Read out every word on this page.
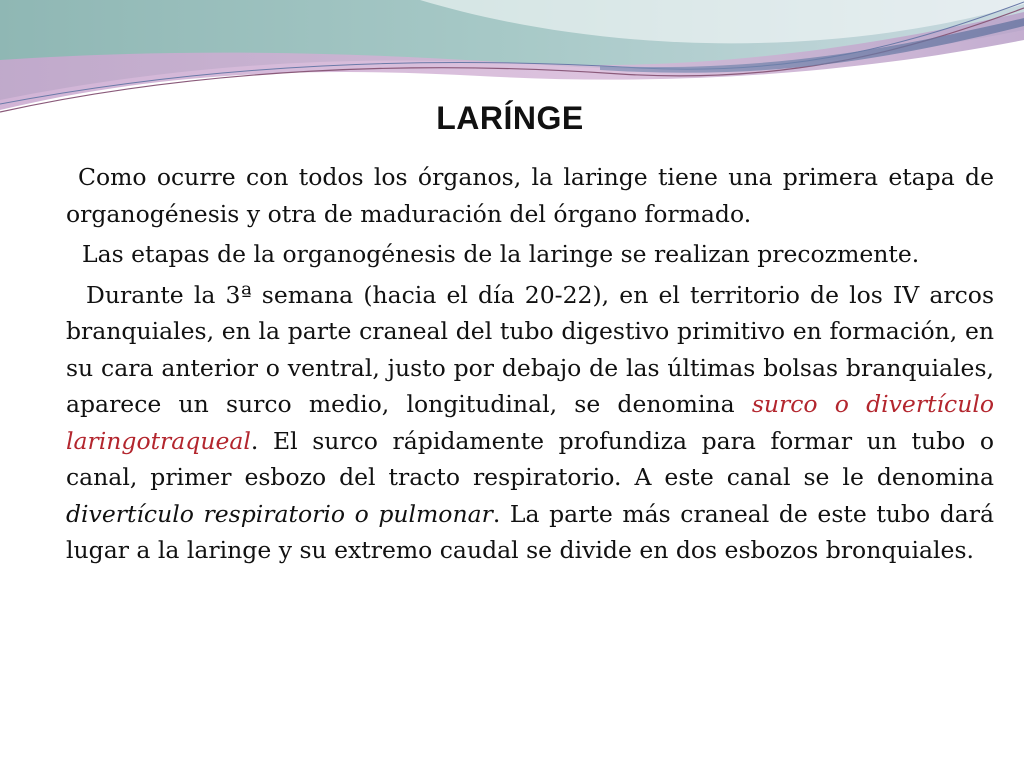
LARÍNGE

Como ocurre con todos los órganos, la laringe tiene una primera etapa de organogénesis y otra de maduración del órgano formado.

Las etapas de la organogénesis de la laringe se realizan precozmente.

Durante la 3ª semana (hacia el día 20-22), en el territorio de los IV arcos branquiales, en la parte craneal del tubo digestivo primitivo en formación, en su cara anterior o ventral, justo por debajo de las últimas bolsas branquiales, aparece un surco medio, longitudinal, se denomina surco o divertículo laringotraqueal. El surco rápidamente profundiza para formar un tubo o canal, primer esbozo del tracto respiratorio. A este canal se le denomina divertículo respiratorio o pulmonar. La parte más craneal de este tubo dará lugar a la laringe y su extremo caudal se divide en dos esbozos bronquiales.
